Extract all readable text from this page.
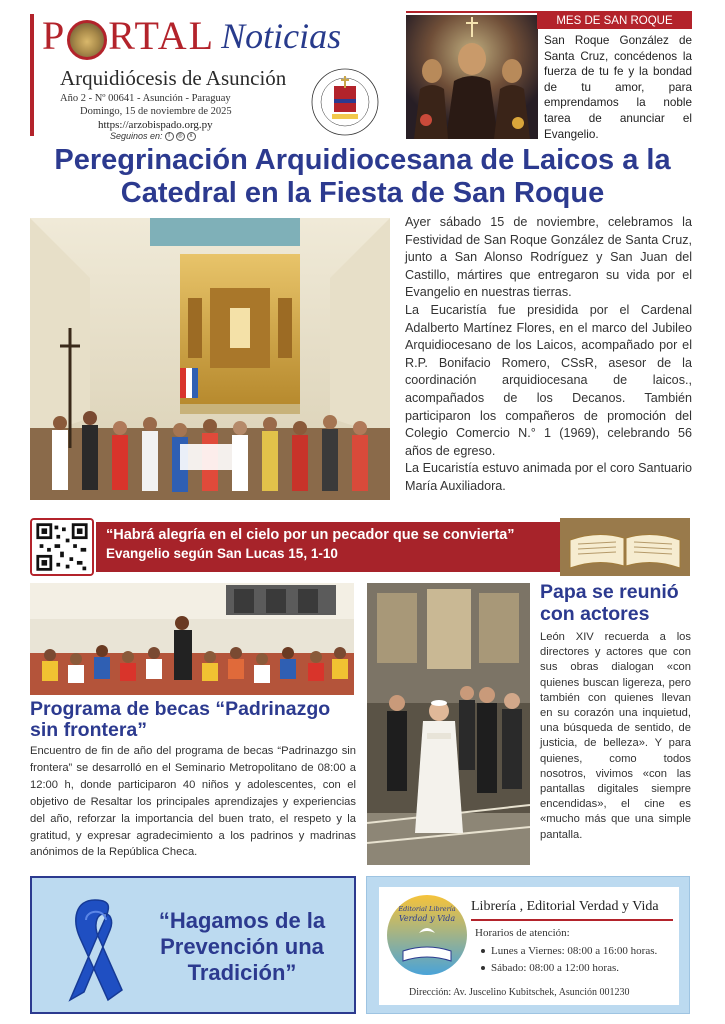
P RTAL Noticias
Arquidiócesis de Asunción
Año 2 - Nº 00641 - Asunción - Paraguay
Domingo, 15 de noviembre de 2025
https://arzobispado.org.py
Seguinos en: f	◎	x
MES DE SAN ROQUE
San Roque González de Santa Cruz, concédenos la fuerza de tu fe y la bondad de tu amor, para emprendamos la noble tarea de anunciar el Evangelio.
Peregrinación Arquidiocesana de Laicos a la Catedral en la Fiesta de San Roque

Ayer sábado 15 de noviembre, celebramos la Festividad de San Roque González de Santa Cruz, junto a San Alonso Rodríguez y San Juan del Castillo, mártires que entregaron su vida por el Evangelio en nuestras tierras.

La Eucaristía fue presidida por el Cardenal Adalberto Martínez Flores, en el marco del Jubileo Arquidiocesano de los Laicos, acompañado por el R.P. Bonifacio Romero, CSsR, asesor de la coordinación arquidiocesana de laicos., acompañados de los Decanos. También participaron los compañeros de promoción del Colegio Comercio N.° 1 (1969), celebrando 56 años de egreso.

La Eucaristía estuvo animada por el coro Santuario María Auxiliadora.

“Habrá alegría en el cielo por un pecador que se convierta”
Evangelio según San Lucas 15, 1-10
Programa de becas “Padrinazgo sin frontera”
Encuentro de fin de año del programa de becas “Padrinazgo sin frontera” se desarrolló en el Seminario Metropolitano de 08:00 a 12:00 h, donde participaron 40 niños y adolescentes, con el objetivo de Resaltar los principales aprendizajes y experiencias del año, reforzar la importancia del buen trato, el respeto y la gratitud, y expresar agradecimiento a los padrinos y madrinas anónimos de la República Checa.
Papa se reunió con actores
León XIV recuerda a los directores y actores que con sus obras dialogan «con quienes buscan ligereza, pero también con quienes llevan en su corazón una inquietud, una búsqueda de sentido, de justicia, de belleza». Y para quienes, como todos nosotros, vivimos «con las pantallas digitales siempre encendidas», el cine es «mucho más que una simple pantalla.
“Hagamos de la Prevención una Tradición”
Editorial Librería
Verdad y Vida
Librería , Editorial Verdad y Vida
Horarios de atención:
Lunes a Viernes: 08:00 a 16:00 horas.
Sábado: 08:00 a 12:00 horas.
Dirección: Av. Juscelino Kubitschek, Asunción 001230
